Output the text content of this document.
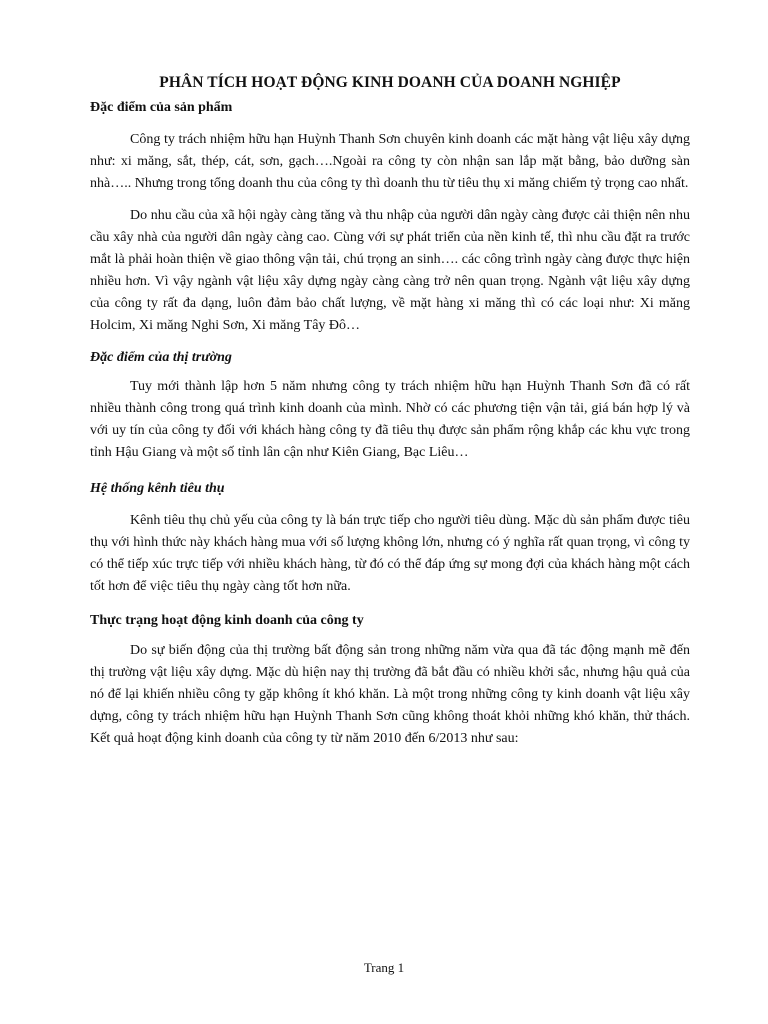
PHÂN TÍCH HOẠT ĐỘNG KINH DOANH CỦA DOANH NGHIỆP
Đặc điểm của sản phẩm

Công ty trách nhiệm hữu hạn Huỳnh Thanh Sơn chuyên kinh doanh các mặt hàng vật liệu xây dựng như: xi măng, sắt, thép, cát, sơn, gạch….Ngoài ra công ty còn nhận san lắp mặt bằng, bảo dưỡng sàn nhà….. Nhưng trong tổng doanh thu của công ty thì doanh thu từ tiêu thụ xi măng chiếm tỷ trọng cao nhất.

Do nhu cầu của xã hội ngày càng tăng và thu nhập của người dân ngày càng được cải thiện nên nhu cầu xây nhà của người dân ngày càng cao. Cùng với sự phát triển của nền kinh tế, thì nhu cầu đặt ra trước mắt là phải hoàn thiện về giao thông vận tải, chú trọng an sinh…. các công trình ngày càng được thực hiện nhiều hơn. Vì vậy ngành vật liệu xây dựng ngày càng càng trở nên quan trọng. Ngành vật liệu xây dựng của công ty rất đa dạng, luôn đảm bảo chất lượng, về mặt hàng xi măng thì có các loại như: Xi măng Holcim, Xi măng Nghi Sơn, Xi măng Tây Đô…

Đặc điểm của thị trường

Tuy mới thành lập hơn 5 năm nhưng công ty trách nhiệm hữu hạn Huỳnh Thanh Sơn đã có rất nhiều thành công trong quá trình kinh doanh của mình. Nhờ có các phương tiện vận tải, giá bán hợp lý và với uy tín của công ty đối với khách hàng công ty đã tiêu thụ được sản phẩm rộng khắp các khu vực trong tỉnh Hậu Giang và một số tỉnh lân cận như Kiên Giang, Bạc Liêu…

Hệ thống kênh tiêu thụ

Kênh tiêu thụ chủ yếu của công ty là bán trực tiếp cho người tiêu dùng. Mặc dù sản phẩm được tiêu thụ với hình thức này khách hàng mua với số lượng không lớn, nhưng có ý nghĩa rất quan trọng, vì công ty có thể tiếp xúc trực tiếp với nhiều khách hàng, từ đó có thể đáp ứng sự mong đợi của khách hàng một cách tốt hơn để việc tiêu thụ ngày càng tốt hơn nữa.

Thực trạng hoạt động kinh doanh của công ty

Do sự biến động của thị trường bất động sản trong những năm vừa qua đã tác động mạnh mẽ đến thị trường vật liệu xây dựng. Mặc dù hiện nay thị trường đã bắt đầu có nhiều khởi sắc, nhưng hậu quả của nó để lại khiến nhiều công ty gặp không ít khó khăn. Là một trong những công ty kinh doanh vật liệu xây dựng, công ty trách nhiệm hữu hạn Huỳnh Thanh Sơn cũng không thoát khỏi những khó khăn, thử thách. Kết quả hoạt động kinh doanh của công ty từ năm 2010 đến 6/2013 như sau:

Trang 1
